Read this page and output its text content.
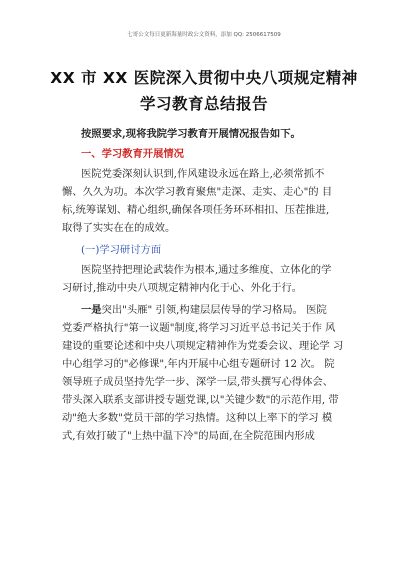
七哥公文每日更新海量时政公文资料，添加 QQ: 2506617509
XX 市 XX 医院深入贯彻中央八项规定精神
学习教育总结报告
按照要求,现将我院学习教育开展情况报告如下。
一、学习教育开展情况
医院党委深刻认识到,作风建设永远在路上,必须常抓不
懈、久久为功。本次学习教育聚焦"走深、走实、走心"的 目
标,统筹谋划、精心组织,确保各项任务环环相扣、压茬推进,
取得了实实在在的成效。
(一)学习研讨方面
医院坚持把理论武装作为根本,通过多维度、立体化的学
习研讨,推动中央八项规定精神内化于心、外化于行。
一是突出"头雁" 引领,构建层层传导的学习格局。 医院
党委严格执行"第一议题"制度,将学习习近平总书记关于作 风
建设的重要论述和中央八项规定精神作为党委会议、理论学 习
中心组学习的"必修课",年内开展中心组专题研讨 12 次。 院
领导班子成员坚持先学一步、深学一层,带头撰写心得体会、
带头深入联系支部讲授专题党课,以"关键少数"的示范作用, 带
动"绝大多数"党员干部的学习热情。这种以上率下的学习 模
式,有效打破了"上热中温下冷"的局面,在全院范围内形成
